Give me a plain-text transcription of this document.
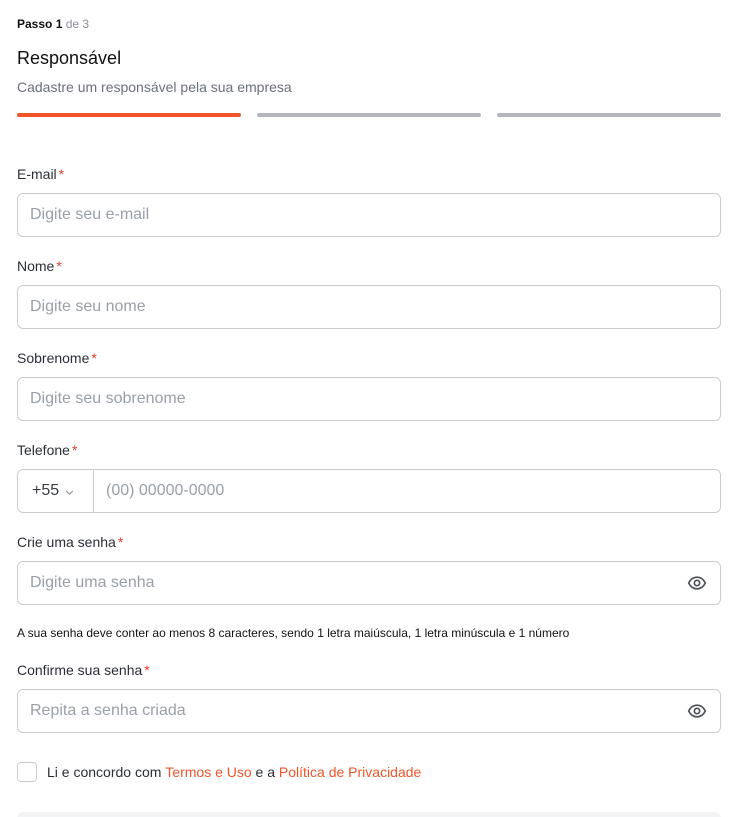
Passo 1 de 3
Responsável
Cadastre um responsável pela sua empresa
E-mail *
Digite seu e-mail
Nome *
Digite seu nome
Sobrenome *
Digite seu sobrenome
Telefone *
+55
(00) 00000-0000
Crie uma senha *
A sua senha deve conter ao menos 8 caracteres, sendo 1 letra maiúscula, 1 letra minúscula e 1 número
Confirme sua senha *
Li e concordo com
Termos e Uso
e a
Política de Privacidade
